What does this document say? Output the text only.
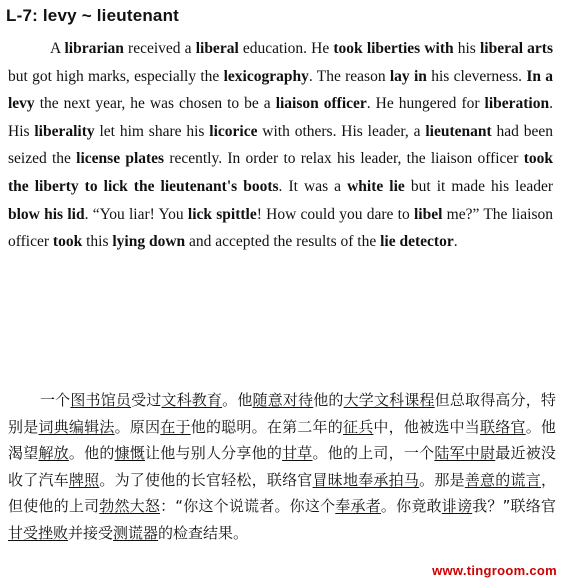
L-7: levy ~ lieutenant

A librarian received a liberal education. He took liberties with his liberal arts but got high marks, especially the lexicography. The reason lay in his cleverness. In a levy the next year, he was chosen to be a liaison officer. He hungered for liberation. His liberality let him share his licorice with others. His leader, a lieutenant had been seized the license plates recently. In order to relax his leader, the liaison officer took the liberty to lick the lieutenant's boots. It was a white lie but it made his leader blow his lid. “You liar! You lick spittle! How could you dare to libel me?” The liaison officer took this lying down and accepted the results of the lie detector.

一个图书馆员受过文科教育。他随意对待他的大学文科课程但总取得高分，特别是词典编辑法。原因在于他的聪明。在第二年的征兵中，他被选中当联络官。他渴望解放。他的慷慨让他与别人分享他的甘草。他的上司，一个陆军中尉最近被没收了汽车牌照。为了使他的长官轻松，联络官冒昧地奉承拍马。那是善意的谎言，但使他的上司勃然大怒：“你这个说谎者。你这个奉承者。你竟敢诽谤我？”联络官甘受挫败并接受测谎器的检查结果。

www.tingroom.com
